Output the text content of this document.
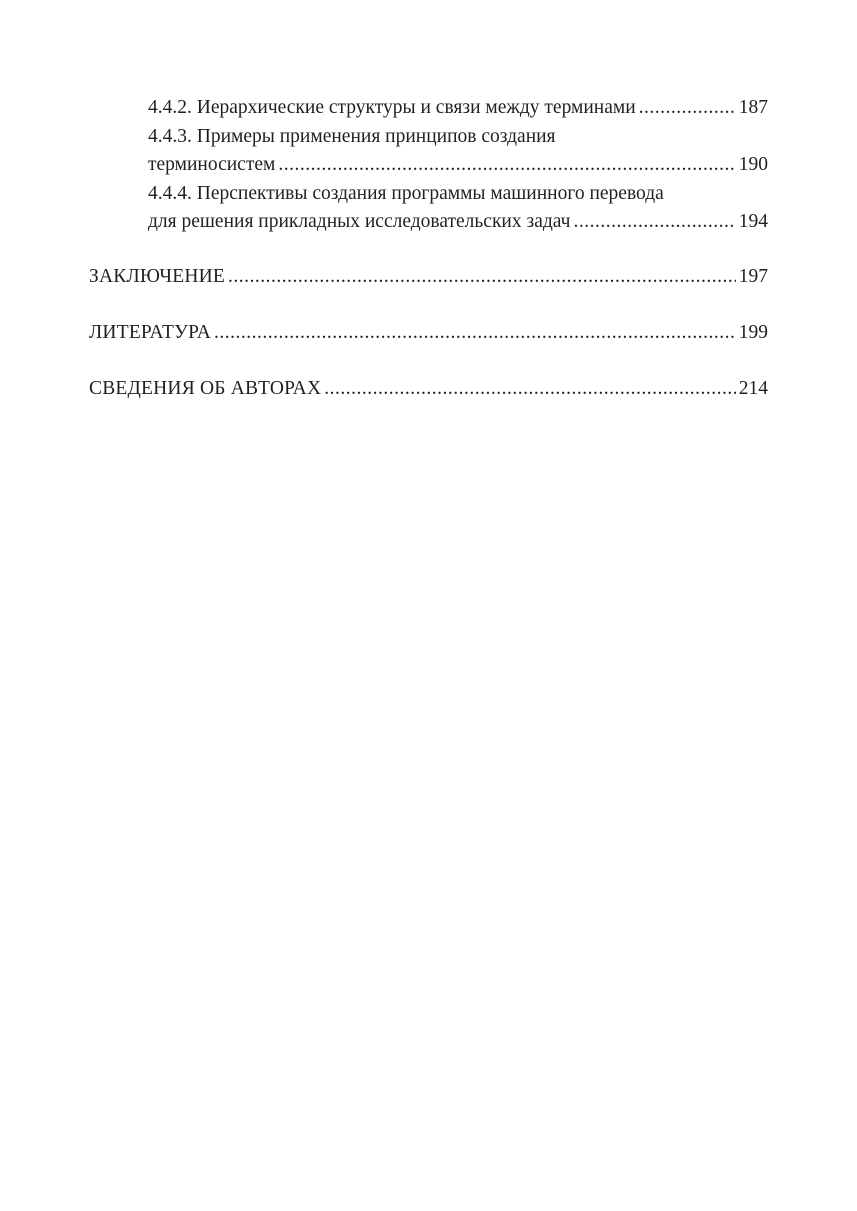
4.4.2. Иерархические структуры и связи между терминами .....	187
4.4.3. Примеры применения принципов создания
терминосистем .....	190
4.4.4. Перспективы создания программы машинного перевода
для решения прикладных исследовательских задач .....	194
ЗАКЛЮЧЕНИЕ .....	197
ЛИТЕРАТУРА .....	199
СВЕДЕНИЯ ОБ АВТОРАХ .....	214
